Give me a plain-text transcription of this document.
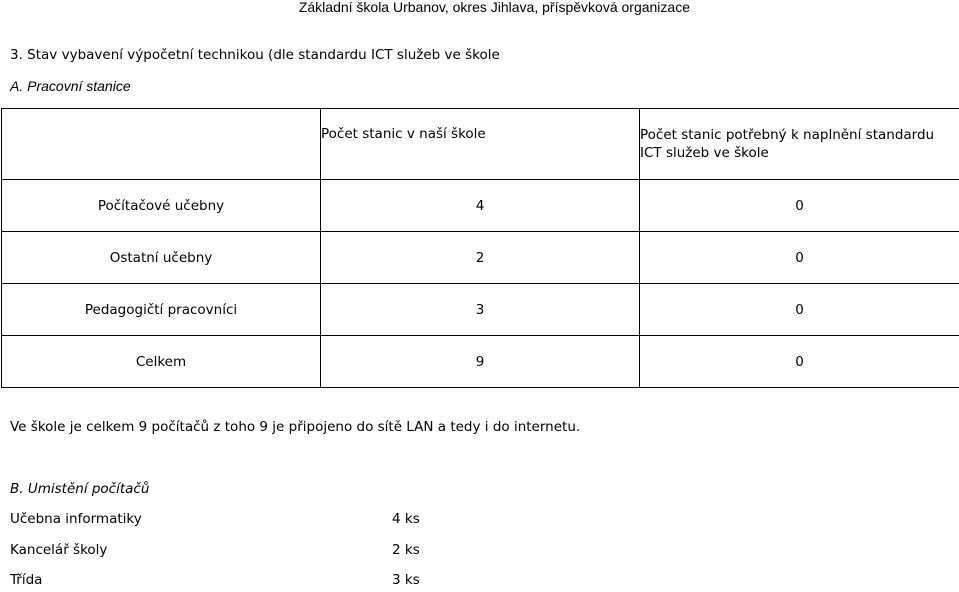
Základní škola Urbanov, okres Jihlava, příspěvková organizace
3. Stav vybavení výpočetní technikou (dle standardu ICT služeb ve škole
A. Pracovní stanice
	Počet stanic v naší škole	Počet stanic potřebný k naplnění standardu ICT služeb ve škole
Počítačové učebny	4	0
Ostatní učebny	2	0
Pedagogičtí pracovníci	3	0
Celkem	9	0
Ve škole je celkem 9 počítačů z toho 9 je připojeno do sítě LAN a tedy i do internetu.
B. Umistění počítačů
Učebna informatiky	4 ks
Kancelář školy	2 ks
Třída	3 ks
